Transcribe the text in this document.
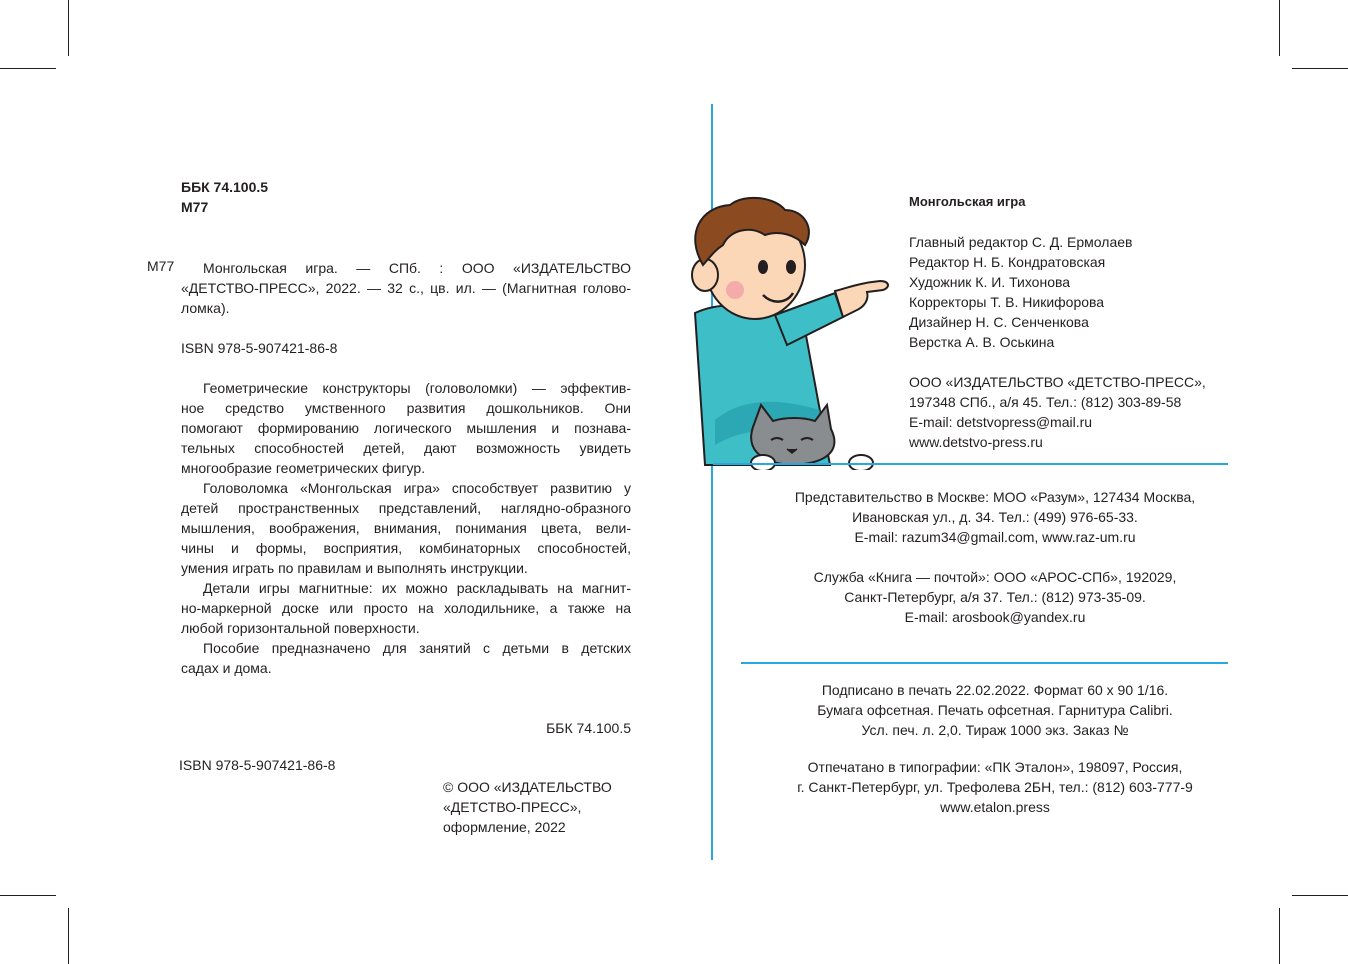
ББК 74.100.5
М77
М77 Монгольская игра. — СПб. : ООО «ИЗДАТЕЛЬСТВО
«ДЕТСТВО-ПРЕСС», 2022. — 32 с., цв. ил. — (Магнитная голово-
ломка).
ISBN 978-5-907421-86-8
Геометрические конструкторы (головоломки) — эффектив-
ное средство умственного развития дошкольников. Они
помогают формированию логического мышления и познава-
тельных способностей детей, дают возможность увидеть
многообразие геометрических фигур.
Головоломка «Монгольская игра» способствует развитию у
детей пространственных представлений, наглядно-образного
мышления, воображения, внимания, понимания цвета, вели-
чины и формы, восприятия, комбинаторных способностей,
умения играть по правилам и выполнять инструкции.
Детали игры магнитные: их можно раскладывать на магнит-
но-маркерной доске или просто на холодильнике, а также на
любой горизонтальной поверхности.
Пособие предназначено для занятий с детьми в детских
садах и дома.
ББК 74.100.5
ISBN 978-5-907421-86-8
© ООО «ИЗДАТЕЛЬСТВО
«ДЕТСТВО-ПРЕСС»,
оформление, 2022
Монгольская игра
Главный редактор С. Д. Ермолаев
Редактор Н. Б. Кондратовская
Художник К. И. Тихонова
Корректоры Т. В. Никифорова
Дизайнер Н. С. Сенченкова
Верстка А. В. Оськина
ООО «ИЗДАТЕЛЬСТВО «ДЕТСТВО-ПРЕСС»,
197348 СПб., а/я 45. Тел.: (812) 303-89-58
E-mail: detstvopress@mail.ru
www.detstvo-press.ru
Представительство в Москве: МОО «Разум», 127434 Москва,
Ивановская ул., д. 34. Тел.: (499) 976-65-33.
E-mail: razum34@gmail.com, www.raz-um.ru
Служба «Книга — почтой»: ООО «АРОС-СПб», 192029,
Санкт-Петербург, а/я 37. Тел.: (812) 973-35-09.
E-mail: arosbook@yandex.ru
Подписано в печать 22.02.2022. Формат 60 х 90 1/16.
Бумага офсетная. Печать офсетная. Гарнитура Calibri.
Усл. печ. л. 2,0. Тираж 1000 экз. Заказ №
Отпечатано в типографии: «ПК Эталон», 198097, Россия,
г. Санкт-Петербург, ул. Трефолева 2БН, тел.: (812) 603-777-9
www.etalon.press
